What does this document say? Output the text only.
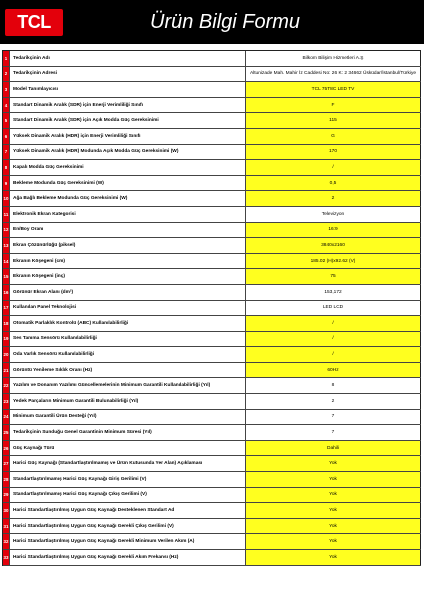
TCL	Ürün Bilgi Formu
1	Tedarikçinin Adı	Bilkom Bilişim Hizmetleri A.Ş
2	Tedarikçinin Adresi	Altunizade Mah. Mahir İz Caddesi No: 26 K: 2 34662 Üsküdar/İstanbul/Türkiye
3	Model Tanımlayıcısı	TCL 75T8C LED TV
4	Standart Dinamik Aralık (SDR) için Enerji Verimliliği Sınıfı	F
5	Standart Dinamik Aralık (SDR) için Açık Modda Güç Gereksinimi	115
6	Yüksek Dinamik Aralık (HDR) için Enerji Verimliliği Sınıfı	G
7	Yüksek Dinamik Aralık (HDR) Modunda Açık Modda Güç Gereksinimi (W)	170
8	Kapalı Modda Güç Gereksinimi	/
9	Bekleme Modunda Güç Gereksinimi (W)	0,5
10 Ağa Bağlı Bekleme Modunda Güç Gereksinimi (W)	2
11 Elektronik Ekran Kategorisi	Televizyon
12 En/Boy Oranı	16:9
13 Ekran Çözünürlüğü (piksel)	3840x2160
14 Ekranın Köşegeni (cm)	185.02 (H)x92.62 (V)
15 Ekranın Köşegeni (inç)	75
16 Görünür Ekran Alanı (dm²)	153,172
17 Kullanılan Panel Teknolojisi	LED LCD
18 Otomatik Parlaklık Kontrolü (ABC) Kullanılabilirliği	/
19 Ses Tanıma Sensörü Kullanılabilirliği	/
20 Oda Varlık Sensörü Kullanılabilirliği	/
21 Görüntü Yenileme Sıklık Oranı (Hz)	60Hz
22 Yazılım ve Donanım Yazılımı Güncellemelerinin Minimum Garantili Kullanılabilirliği (Yıl)	8
23 Yedek Parçaların Minimum Garantili Bulunabilirliği (Yıl)	2
24 Minimum Garantili Ürün Desteği (Yıl)	7
25 Tedarikçinin Sunduğu Genel Garantinin Minimum Süresi (Yıl)	7
26 Güç Kaynağı Türü	Dahili
27 Harici Güç Kaynağı (Standartlaştırılmamış ve Ürün Kutusunda Yer Alan) Açıklaması	Yok
28 Standartlaştırılmamış Harici Güç Kaynağı Giriş Gerilimi (V)	Yok
29 Standartlaştırılmamış Harici Güç Kaynağı Çıkış Gerilimi (V)	Yok
30 Harici Standartlaştırılmış Uygun Güç Kaynağı Desteklenen Standart Ad	Yok
31 Harici Standartlaştırılmış Uygun Güç Kaynağı Gerekli Çıkış Gerilimi (V)	Yok
32 Harici Standartlaştırılmış Uygun Güç Kaynağı Gerekli Minimum Verilen Akım (A)	Yok
33 Harici Standartlaştırılmış Uygun Güç Kaynağı Gerekli Akım Frekansı (Hz)	Yok
